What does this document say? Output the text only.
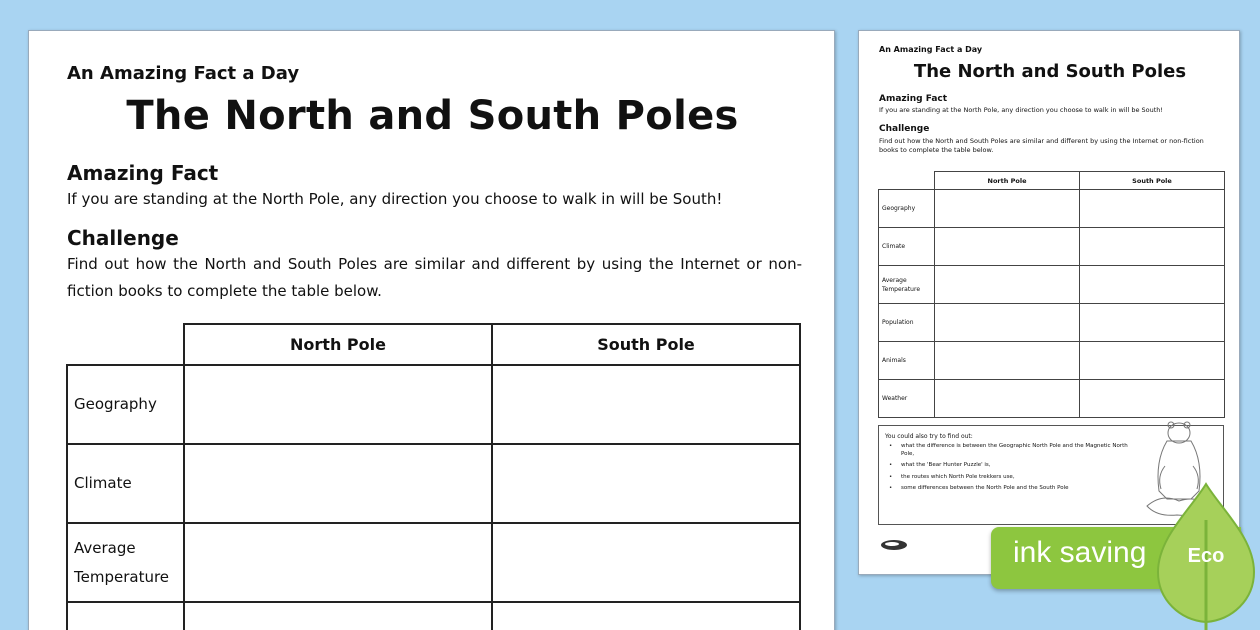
An Amazing Fact a Day
The North and South Poles
Amazing Fact
If you are standing at the North Pole, any direction you choose to walk in will be South!
Challenge
Find out how the North and South Poles are similar and different by using the Internet or non-fiction books to complete the table below.
	North Pole	South Pole
Geography		
Climate		
Average Temperature		

An Amazing Fact a Day
The North and South Poles
Amazing Fact
If you are standing at the North Pole, any direction you choose to walk in will be South!
Challenge
Find out how the North and South Poles are similar and different by using the Internet or non-fiction books to complete the table below.
	North Pole	South Pole
Geography		
Climate		
Average Temperature		
Population		
Animals		
Weather		
You could also try to find out:
• what the difference is between the Geographic North Pole and the Magnetic North Pole,
• what the 'Bear Hunter Puzzle' is,
• the routes which North Pole trekkers use,
• some differences between the North Pole and the South Pole
ink saving	Eco
